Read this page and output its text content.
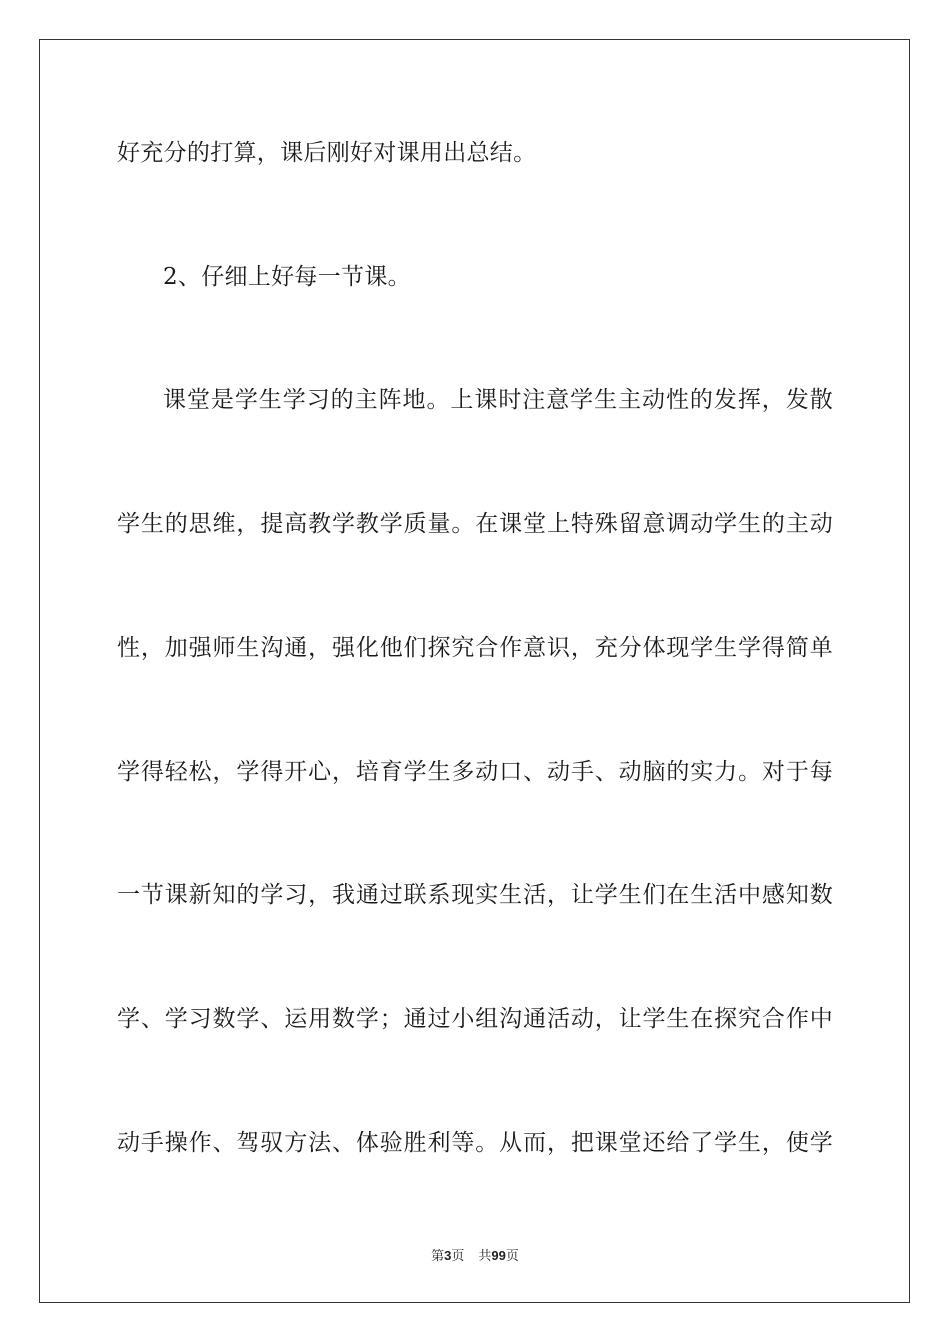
好充分的打算，课后刚好对课用出总结。
2、仔细上好每一节课。
课堂是学生学习的主阵地。上课时注意学生主动性的发挥，发散
学生的思维，提高教学教学质量。在课堂上特殊留意调动学生的主动
性，加强师生沟通，强化他们探究合作意识，充分体现学生学得简单
学得轻松，学得开心，培育学生多动口、动手、动脑的实力。对于每
一节课新知的学习，我通过联系现实生活，让学生们在生活中感知数
学、学习数学、运用数学；通过小组沟通活动，让学生在探究合作中
动手操作、驾驭方法、体验胜利等。从而，把课堂还给了学生，使学
第3页 共99页
